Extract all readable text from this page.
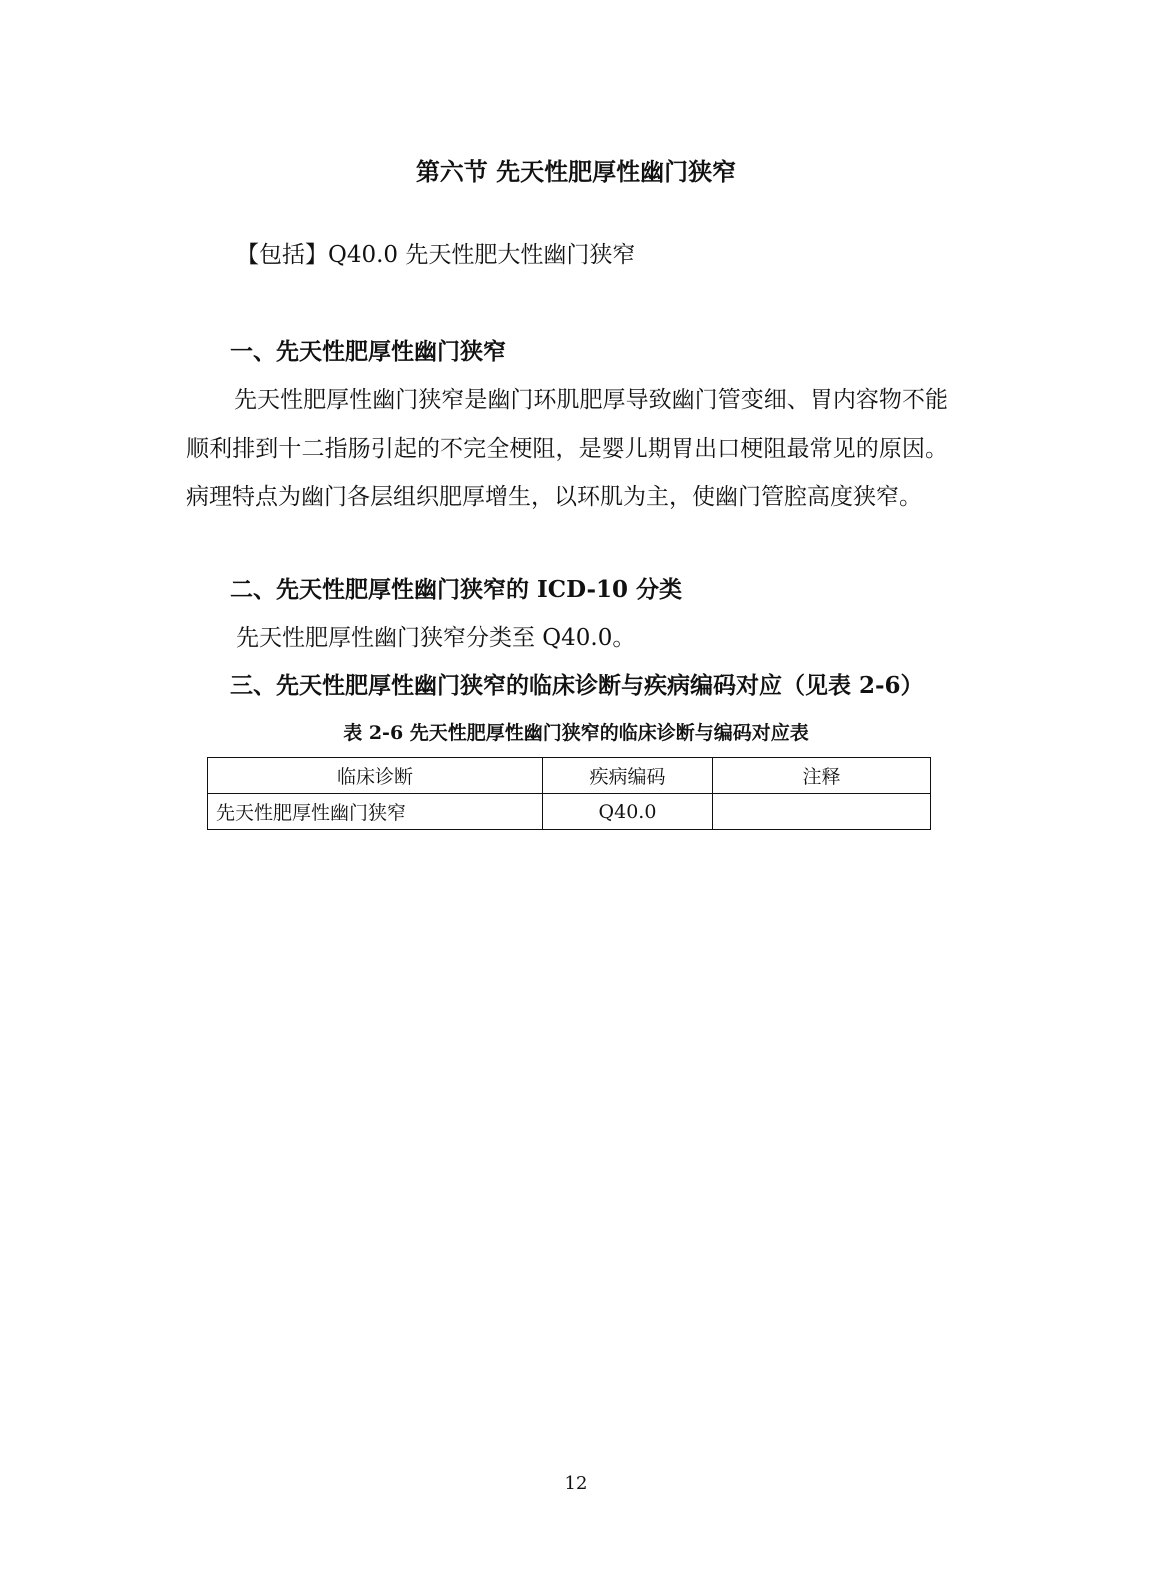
第六节 先天性肥厚性幽门狭窄
【包括】Q40.0 先天性肥大性幽门狭窄
一、先天性肥厚性幽门狭窄
先天性肥厚性幽门狭窄是幽门环肌肥厚导致幽门管变细、胃内容物不能顺利排到十二指肠引起的不完全梗阻，是婴儿期胃出口梗阻最常见的原因。病理特点为幽门各层组织肥厚增生，以环肌为主，使幽门管腔高度狭窄。
二、先天性肥厚性幽门狭窄的 ICD-10 分类
先天性肥厚性幽门狭窄分类至 Q40.0。
三、先天性肥厚性幽门狭窄的临床诊断与疾病编码对应（见表 2-6）
表 2-6 先天性肥厚性幽门狭窄的临床诊断与编码对应表
临床诊断	疾病编码	注释
先天性肥厚性幽门狭窄	Q40.0	
12
